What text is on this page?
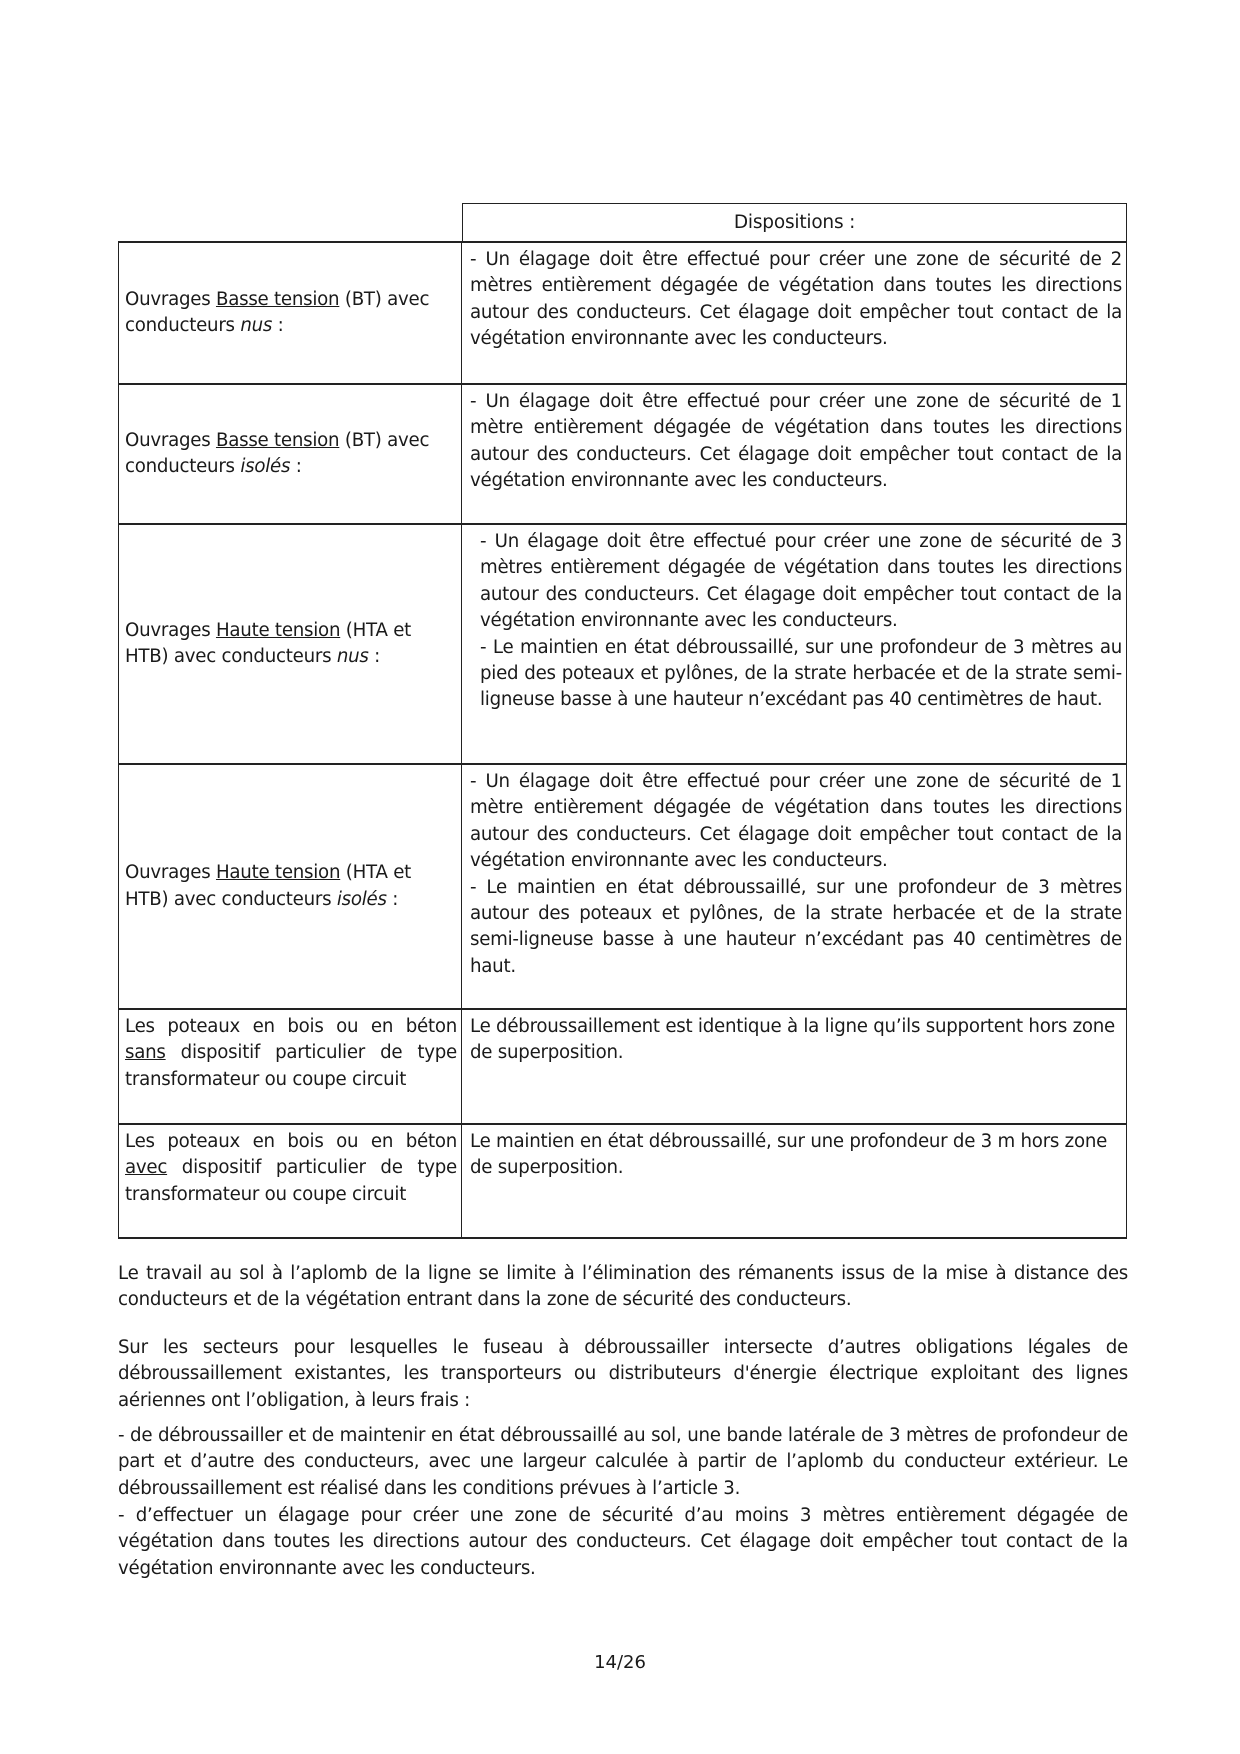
Dispositions :
Ouvrages Basse tension (BT) avec conducteurs nus :
- Un élagage doit être effectué pour créer une zone de sécurité de 2 mètres entièrement dégagée de végétation dans toutes les directions autour des conducteurs. Cet élagage doit empêcher tout contact de la végétation environnante avec les conducteurs.
Ouvrages Basse tension (BT) avec conducteurs isolés :
- Un élagage doit être effectué pour créer une zone de sécurité de 1 mètre entièrement dégagée de végétation dans toutes les directions autour des conducteurs. Cet élagage doit empêcher tout contact de la végétation environnante avec les conducteurs.
Ouvrages Haute tension (HTA et HTB) avec conducteurs nus :
- Un élagage doit être effectué pour créer une zone de sécurité de 3 mètres entièrement dégagée de végétation dans toutes les directions autour des conducteurs. Cet élagage doit empêcher tout contact de la végétation environnante avec les conducteurs.
- Le maintien en état débroussaillé, sur une profondeur de 3 mètres au pied des poteaux et pylônes, de la strate herbacée et de la strate semi-ligneuse basse à une hauteur n’excédant pas 40 centimètres de haut.
Ouvrages Haute tension (HTA et HTB) avec conducteurs isolés :
- Un élagage doit être effectué pour créer une zone de sécurité de 1 mètre entièrement dégagée de végétation dans toutes les directions autour des conducteurs. Cet élagage doit empêcher tout contact de la végétation environnante avec les conducteurs.
- Le maintien en état débroussaillé, sur une profondeur de 3 mètres autour des poteaux et pylônes, de la strate herbacée et de la strate semi-ligneuse basse à une hauteur n’excédant pas 40 centimètres de haut.
Les poteaux en bois ou en béton sans dispositif particulier de type transformateur ou coupe circuit
Le débroussaillement est identique à la ligne qu’ils supportent hors zone de superposition.
Les poteaux en bois ou en béton avec dispositif particulier de type transformateur ou coupe circuit
Le maintien en état débroussaillé, sur une profondeur de 3 m hors zone de superposition.
Le travail au sol à l’aplomb de la ligne se limite à l’élimination des rémanents issus de la mise à distance des conducteurs et de la végétation entrant dans la zone de sécurité des conducteurs.
Sur les secteurs pour lesquelles le fuseau à débroussailler intersecte d’autres obligations légales de débroussaillement existantes, les transporteurs ou distributeurs d'énergie électrique exploitant des lignes aériennes ont l’obligation, à leurs frais :
- de débroussailler et de maintenir en état débroussaillé au sol, une bande latérale de 3 mètres de profondeur de part et d’autre des conducteurs, avec une largeur calculée à partir de l’aplomb du conducteur extérieur. Le débroussaillement est réalisé dans les conditions prévues à l’article 3.
- d’effectuer un élagage pour créer une zone de sécurité d’au moins 3 mètres entièrement dégagée de végétation dans toutes les directions autour des conducteurs. Cet élagage doit empêcher tout contact de la végétation environnante avec les conducteurs.
14/26
